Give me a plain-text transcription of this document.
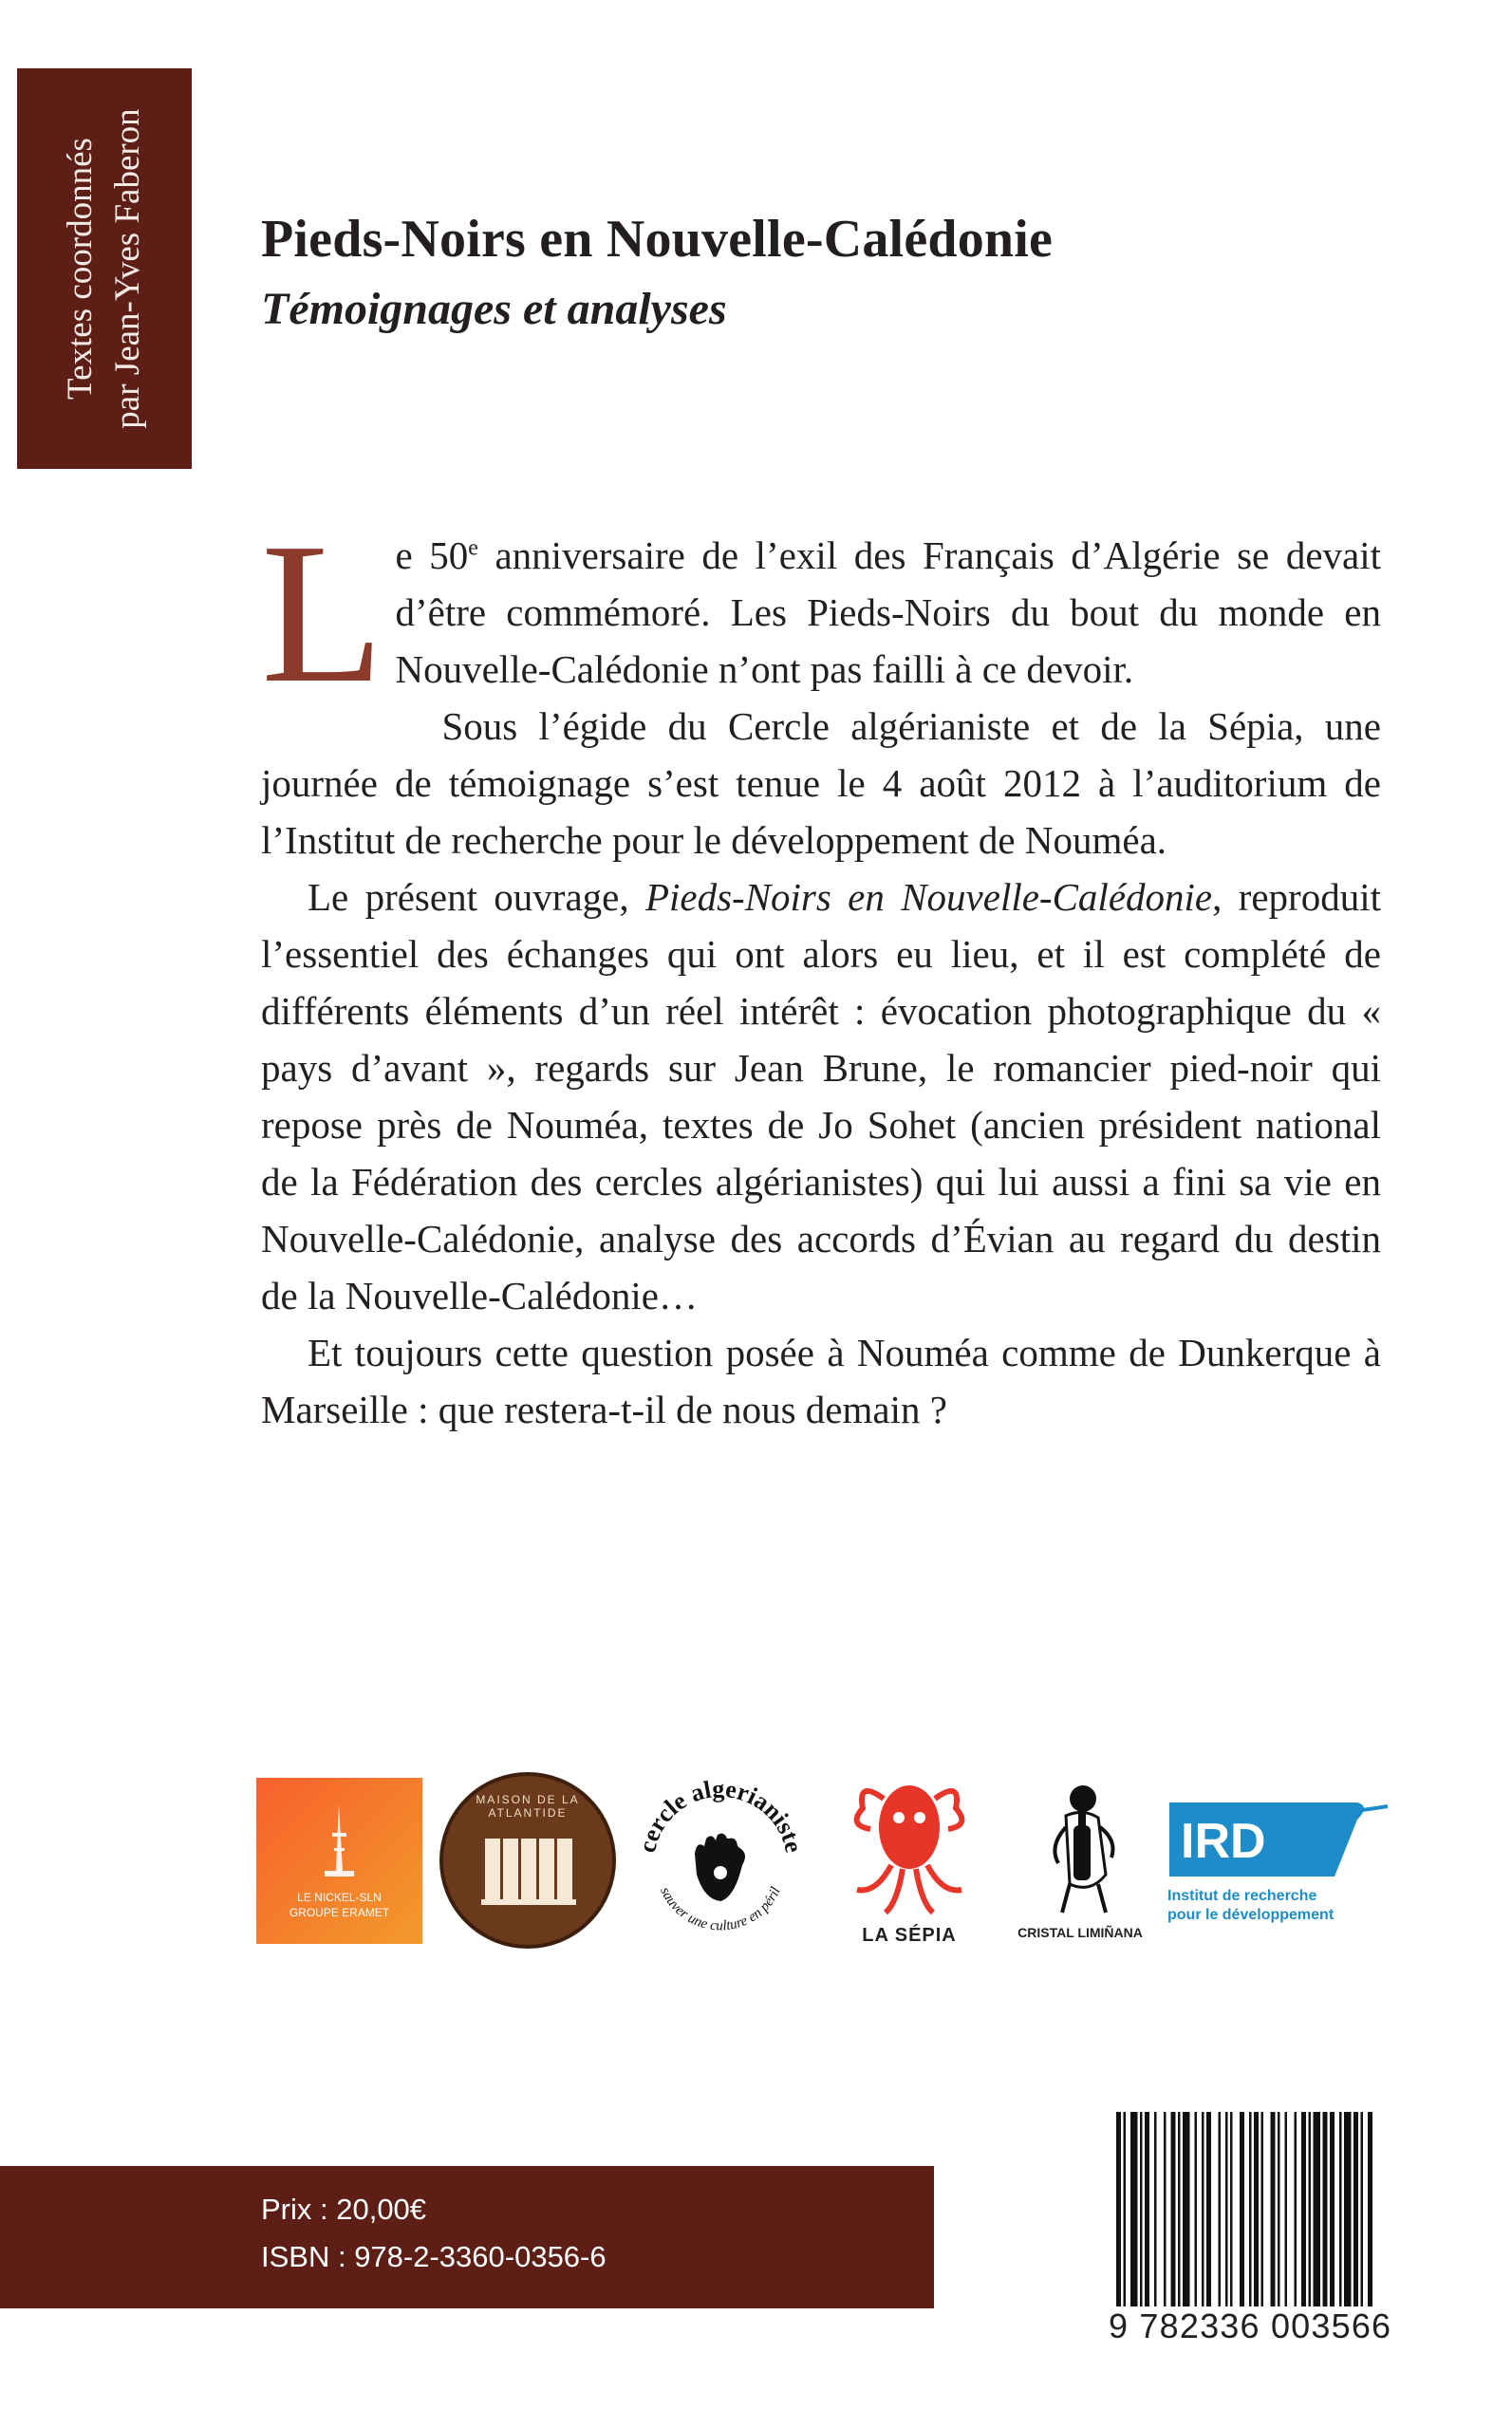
Textes coordonnés par Jean-Yves Faberon Pieds-Noirs en Nouvelle-Calédonie
Témoignages et analyses

Le 50e anniversaire de l’exil des Français d’Algérie se devait d’être commémoré. Les Pieds-Noirs du bout du monde en Nouvelle-Calédonie n’ont pas failli à ce devoir.

Sous l’égide du Cercle algérianiste et de la Sépia, une journée de témoignage s’est tenue le 4 août 2012 à l’auditorium de l’Institut de recherche pour le développement de Nouméa.

Le présent ouvrage, Pieds-Noirs en Nouvelle-Calédonie, reproduit l’essentiel des échanges qui ont alors eu lieu, et il est complété de différents éléments d’un réel intérêt : évocation photographique du « pays d’avant », regards sur Jean Brune, le romancier pied-noir qui repose près de Nouméa, textes de Jo Sohet (ancien président national de la Fédération des cercles algérianistes) qui lui aussi a fini sa vie en Nouvelle-Calédonie, analyse des accords d’Évian au regard du destin de la Nouvelle-Calédonie…

Et toujours cette question posée à Nouméa comme de Dunkerque à Marseille : que restera-t-il de nous demain ?

LE NICKEL-SLN
GROUPE ERAMET
MAISON DE LA ATLANTIDE
cercle algerianiste
sauver une culture en péril
LA SÉPIA	CRISTAL LIMIÑANA
IRD
Institut de recherche
pour le développement
Prix : 20,00€
ISBN : 978-2-3360-0356-6
9 782336 003566
